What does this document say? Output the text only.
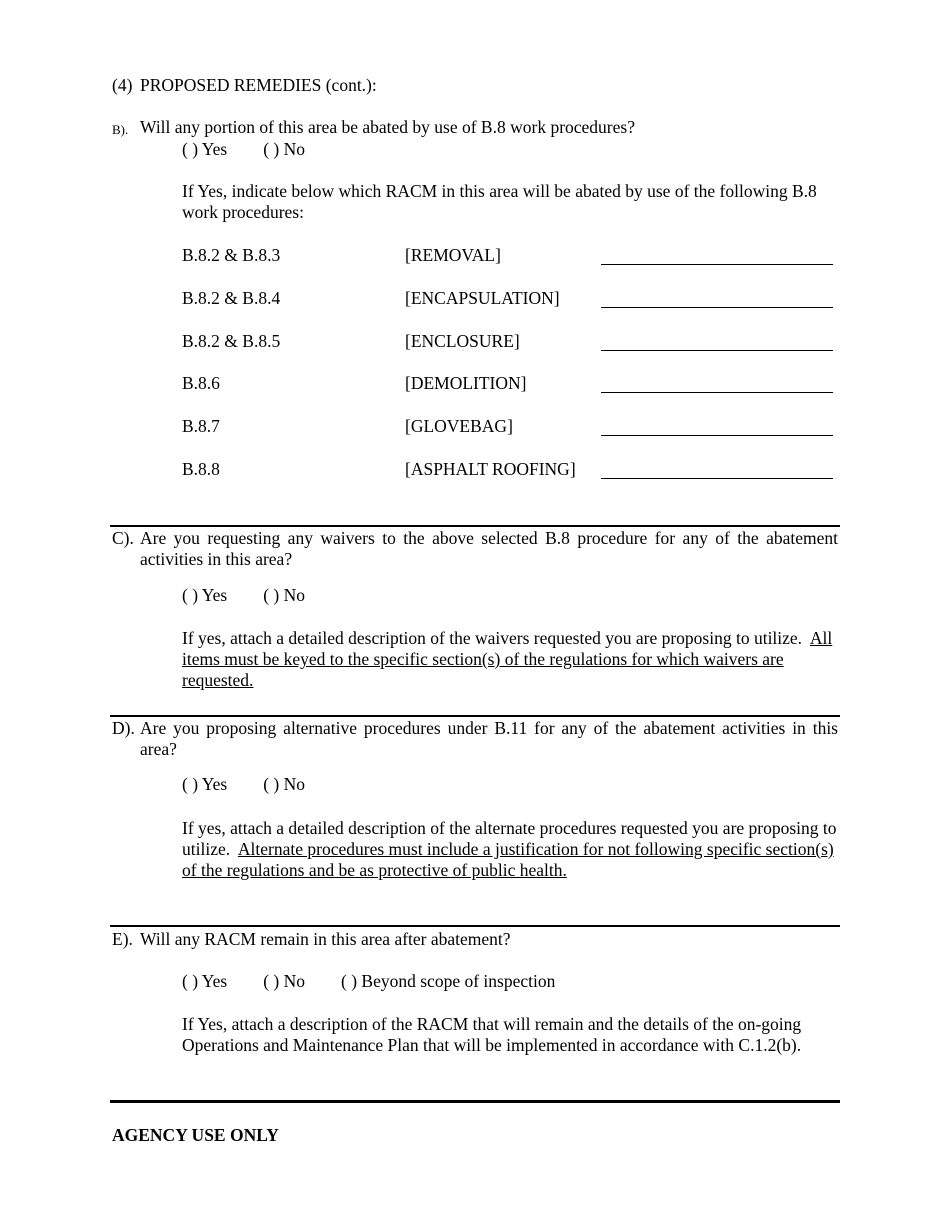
(4) PROPOSED REMEDIES (cont.):
B). Will any portion of this area be abated by use of B.8 work procedures?
( ) Yes ( ) No
If Yes, indicate below which RACM in this area will be abated by use of the following B.8 work procedures:
B.8.2 & B.8.3	[REMOVAL]
B.8.2 & B.8.4	[ENCAPSULATION]
B.8.2 & B.8.5	[ENCLOSURE]
B.8.6	[DEMOLITION]
B.8.7	[GLOVEBAG]
B.8.8	[ASPHALT ROOFING]
C). Are you requesting any waivers to the above selected B.8 procedure for any of the abatement activities in this area?
( ) Yes ( ) No
If yes, attach a detailed description of the waivers requested you are proposing to utilize. All items must be keyed to the specific section(s) of the regulations for which waivers are requested.
D). Are you proposing alternative procedures under B.11 for any of the abatement activities in this area?
( ) Yes ( ) No
If yes, attach a detailed description of the alternate procedures requested you are proposing to utilize. Alternate procedures must include a justification for not following specific section(s) of the regulations and be as protective of public health.
E). Will any RACM remain in this area after abatement?
( ) Yes ( ) No ( ) Beyond scope of inspection
If Yes, attach a description of the RACM that will remain and the details of the on-going Operations and Maintenance Plan that will be implemented in accordance with C.1.2(b).
AGENCY USE ONLY
